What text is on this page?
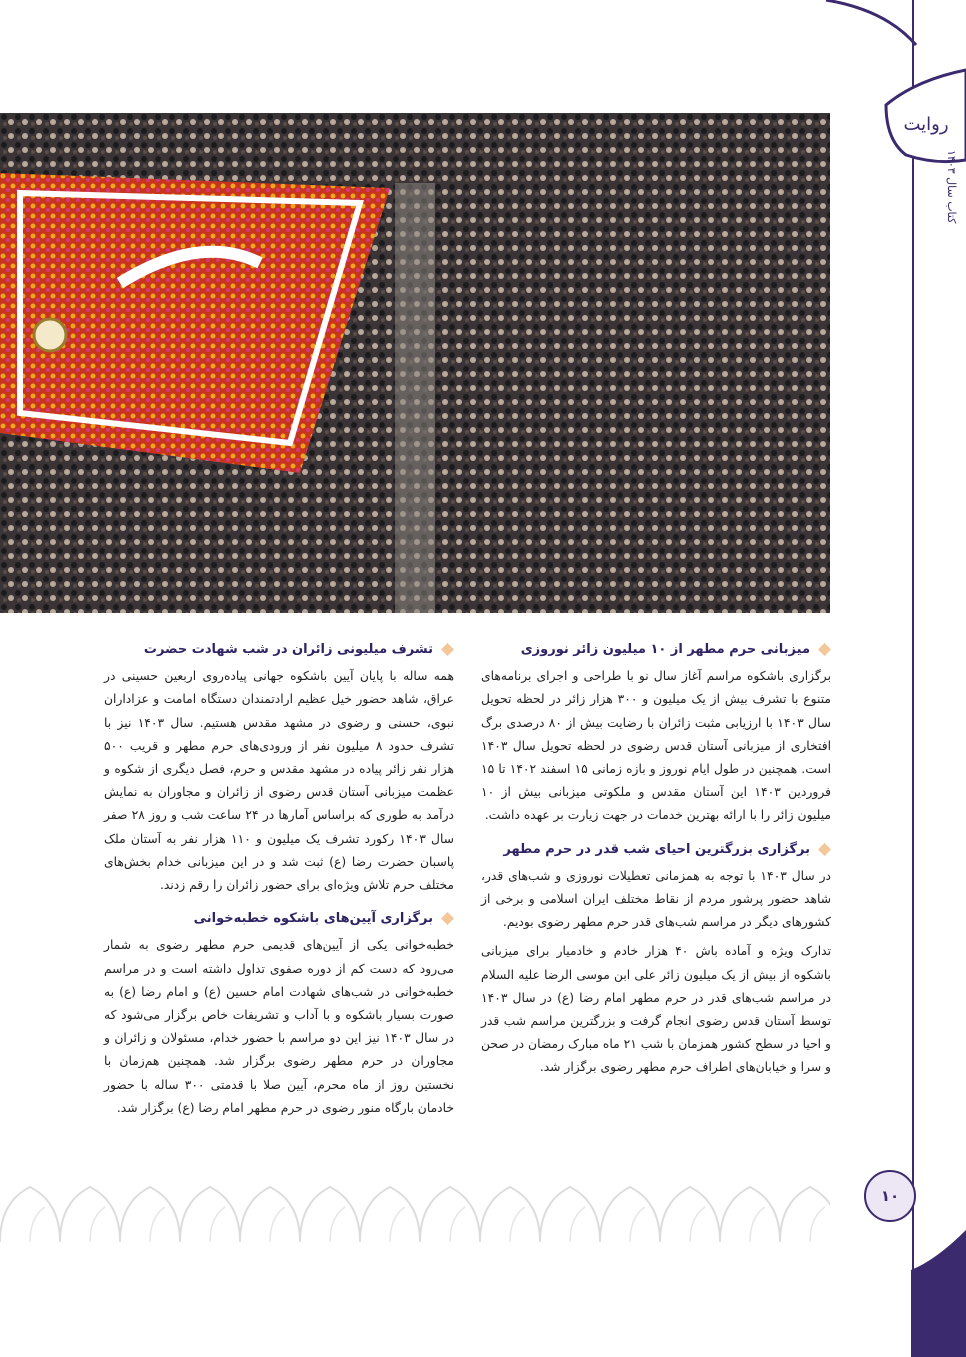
روایت
کتاب سال ۱۴۰۳
میزبانی حرم مطهر از ۱۰ میلیون زائر نوروزی

برگزاری باشکوه مراسم آغاز سال نو با طراحی و اجرای برنامه‌های متنوع با تشرف بیش از یک میلیون و ۳۰۰ هزار زائر در لحظه تحویل سال ۱۴۰۳ با ارزیابی مثبت زائران با رضایت بیش از ۸۰ درصدی برگ افتخاری از میزبانی آستان قدس رضوی در لحظه تحویل سال ۱۴۰۳ است. همچنین در طول ایام نوروز و بازه زمانی ۱۵ اسفند ۱۴۰۲ تا ۱۵ فروردین ۱۴۰۳ این آستان مقدس و ملکوتی میزبانی بیش از ۱۰ میلیون زائر را با ارائه بهترین خدمات در جهت زیارت بر عهده داشت.

برگزاری بزرگترین احیای شب قدر در حرم مطهر

در سال ۱۴۰۳ با توجه به همزمانی تعطیلات نوروزی و شب‌های قدر، شاهد حضور پرشور مردم از نقاط مختلف ایران اسلامی و برخی از کشورهای دیگر در مراسم شب‌های قدر حرم مطهر رضوی بودیم.

تدارک ویژه و آماده باش ۴۰ هزار خادم و خادمیار برای میزبانی باشکوه از بیش از یک میلیون زائر علی ابن موسی الرضا علیه السلام در مراسم شب‌های قدر در حرم مطهر امام رضا (ع) در سال ۱۴۰۳ توسط آستان قدس رضوی انجام گرفت و بزرگترین مراسم شب قدر و احیا در سطح کشور همزمان با شب ۲۱ ماه مبارک رمضان در صحن و سرا و خیابان‌های اطراف حرم مطهر رضوی برگزار شد.

تشرف میلیونی زائران در شب شهادت حضرت

همه ساله با پایان آیین باشکوه جهانی پیاده‌روی اربعین حسینی در عراق، شاهد حضور خیل عظیم ارادتمندان دستگاه امامت و عزاداران نبوی، حسنی و رضوی در مشهد مقدس هستیم. سال ۱۴۰۳ نیز با تشرف حدود ۸ میلیون نفر از ورودی‌های حرم مطهر و قریب ۵۰۰ هزار نفر زائر پیاده در مشهد مقدس و حرم، فصل دیگری از شکوه و عظمت میزبانی آستان قدس رضوی از زائران و مجاوران به نمایش درآمد به طوری که براساس آمارها در ۲۴ ساعت شب و روز ۲۸ صفر سال ۱۴۰۳ رکورد تشرف یک میلیون و ۱۱۰ هزار نفر به آستان ملک پاسبان حضرت رضا (ع) ثبت شد و در این میزبانی خدام بخش‌های مختلف حرم تلاش ویژه‌ای برای حضور زائران را رقم زدند.

برگزاری آیین‌های باشکوه خطبه‌خوانی

خطبه‌خوانی یکی از آیین‌های قدیمی حرم مطهر رضوی به شمار می‌رود که دست کم از دوره صفوی تداول داشته است و در مراسم خطبه‌خوانی در شب‌های شهادت امام حسین (ع) و امام رضا (ع) به صورت بسیار باشکوه و با آداب و تشریفات خاص برگزار می‌شود که در سال ۱۴۰۳ نیز این دو مراسم با حضور خدام، مسئولان و زائران و مجاوران در حرم مطهر رضوی برگزار شد. همچنین هم‌زمان با نخستین روز از ماه محرم، آیین صلا با قدمتی ۳۰۰ ساله با حضور خادمان بارگاه منور رضوی در حرم مطهر امام رضا (ع) برگزار شد.

۱۰
